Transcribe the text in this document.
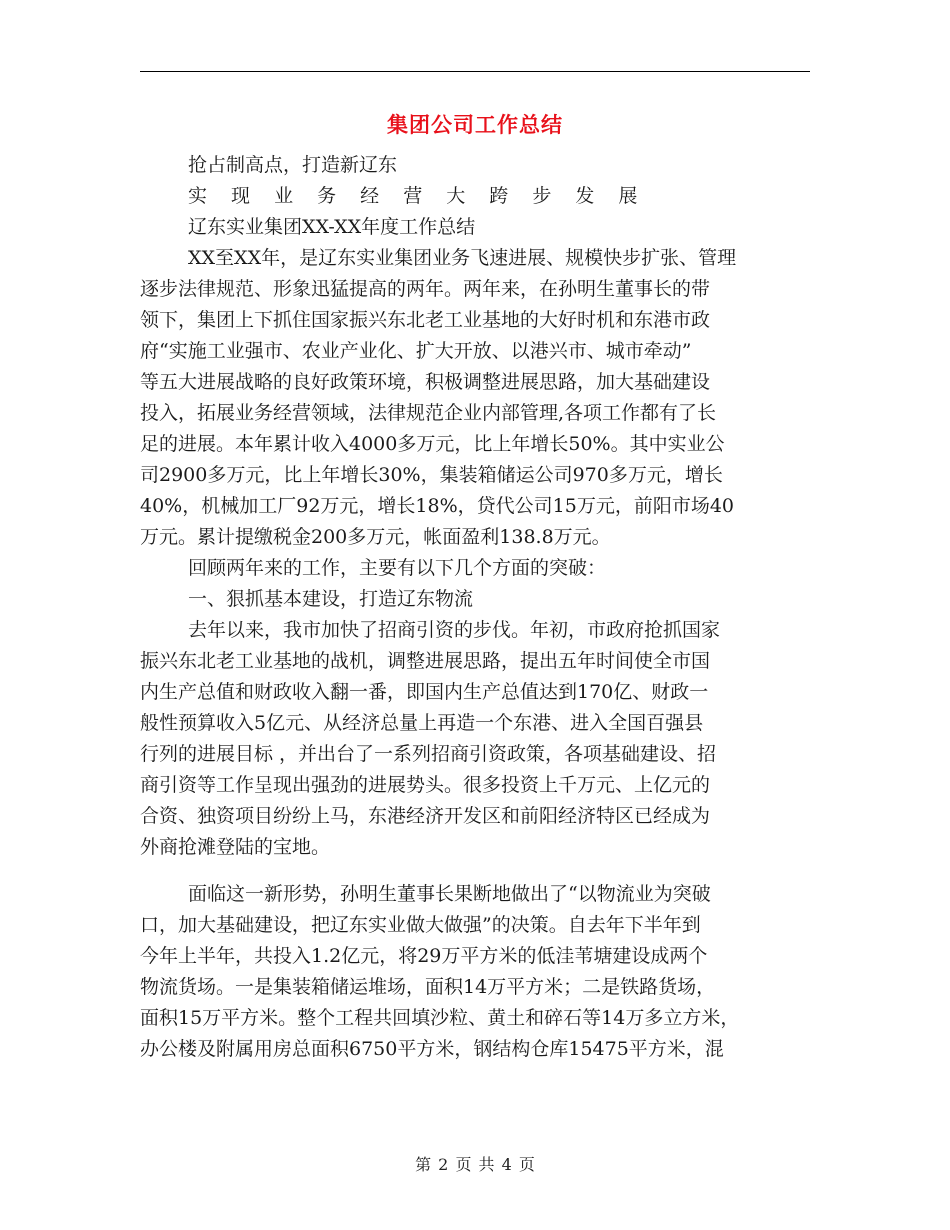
集团公司工作总结
抢占制高点，打造新辽东
实 现 业 务 经 营 大 跨 步 发 展
辽东实业集团XX-XX年度工作总结
XX至XX年，是辽东实业集团业务飞速进展、规模快步扩张、管理
逐步法律规范、形象迅猛提高的两年。两年来，在孙明生董事长的带
领下，集团上下抓住国家振兴东北老工业基地的大好时机和东港市政
府“实施工业强市、农业产业化、扩大开放、以港兴市、城市牵动”
等五大进展战略的良好政策环境，积极调整进展思路，加大基础建设
投入，拓展业务经营领域，法律规范企业内部管理,各项工作都有了长
足的进展。本年累计收入4000多万元，比上年增长50%。其中实业公
司2900多万元，比上年增长30%，集装箱储运公司970多万元，增长
40%，机械加工厂92万元，增长18%，贷代公司15万元，前阳市场40
万元。累计提缴税金200多万元，帐面盈利138.8万元。
回顾两年来的工作，主要有以下几个方面的突破：
一、狠抓基本建设，打造辽东物流
去年以来，我市加快了招商引资的步伐。年初，市政府抢抓国家
振兴东北老工业基地的战机，调整进展思路，提出五年时间使全市国
内生产总值和财政收入翻一番，即国内生产总值达到170亿、财政一
般性预算收入5亿元、从经济总量上再造一个东港、进入全国百强县
行列的进展目标 ，并出台了一系列招商引资政策，各项基础建设、招
商引资等工作呈现出强劲的进展势头。很多投资上千万元、上亿元的
合资、独资项目纷纷上马，东港经济开发区和前阳经济特区已经成为
外商抢滩登陆的宝地。
面临这一新形势，孙明生董事长果断地做出了“以物流业为突破
口，加大基础建设，把辽东实业做大做强”的决策。自去年下半年到
今年上半年，共投入1.2亿元，将29万平方米的低洼苇塘建设成两个
物流货场。一是集装箱储运堆场，面积14万平方米；二是铁路货场，
面积15万平方米。整个工程共回填沙粒、黄土和碎石等14万多立方米，
办公楼及附属用房总面积6750平方米，钢结构仓库15475平方米，混
第 2 页 共 4 页
